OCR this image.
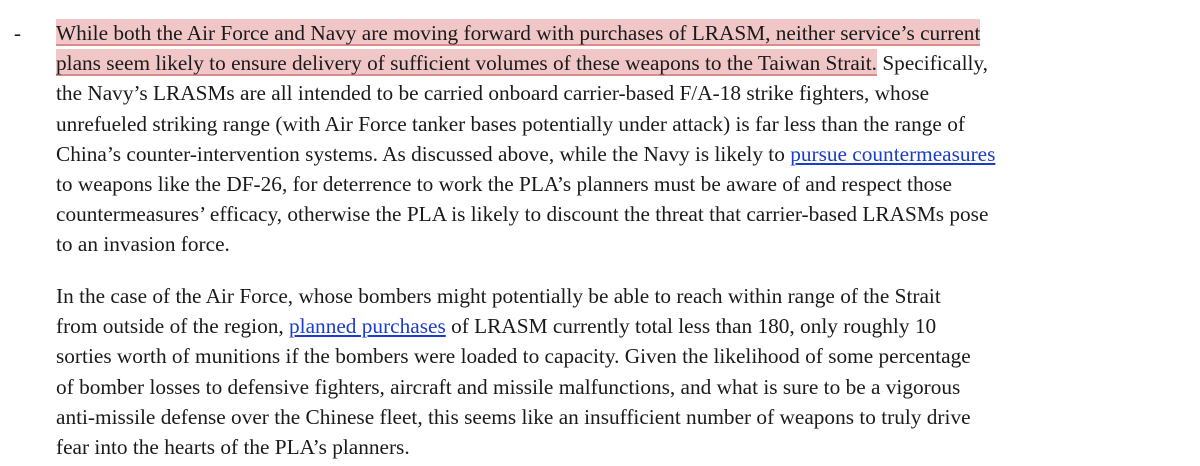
- While both the Air Force and Navy are moving forward with purchases of LRASM, neither service’s current
plans seem likely to ensure delivery of sufficient volumes of these weapons to the Taiwan Strait. Specifically,
the Navy’s LRASMs are all intended to be carried onboard carrier-based F/A-18 strike fighters, whose
unrefueled striking range (with Air Force tanker bases potentially under attack) is far less than the range of
China’s counter-intervention systems. As discussed above, while the Navy is likely to pursue countermeasures
to weapons like the DF-26, for deterrence to work the PLA’s planners must be aware of and respect those
countermeasures’ efficacy, otherwise the PLA is likely to discount the threat that carrier-based LRASMs pose
to an invasion force.

In the case of the Air Force, whose bombers might potentially be able to reach within range of the Strait
from outside of the region, planned purchases of LRASM currently total less than 180, only roughly 10
sorties worth of munitions if the bombers were loaded to capacity. Given the likelihood of some percentage
of bomber losses to defensive fighters, aircraft and missile malfunctions, and what is sure to be a vigorous
anti-missile defense over the Chinese fleet, this seems like an insufficient number of weapons to truly drive
fear into the hearts of the PLA’s planners.
